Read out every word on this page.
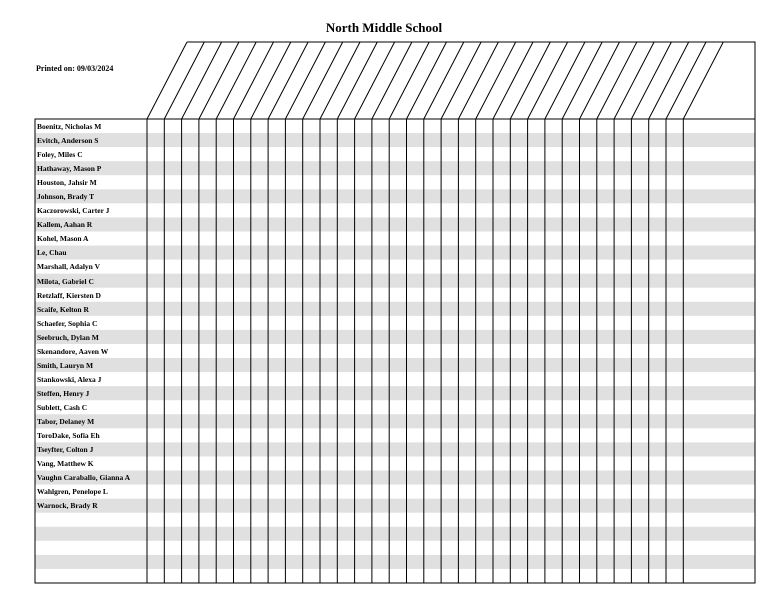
North Middle School
Printed on: 09/03/2024
Boenitz, Nicholas M
Evitch, Anderson S
Foley, Miles C
Hathaway, Mason P
Houston, Jahsir M
Johnson, Brady T
Kaczorowski, Carter J
Kallem, Aahan R
Kohel, Mason A
Le, Chau
Marshall, Adalyn V
Milota, Gabriel C
Retzlaff, Kiersten D
Scaife, Kelton R
Schaefer, Sophia C
Seebruch, Dylan M
Skenandore, Aaven W
Smith, Lauryn M
Stankowski, Alexa J
Steffen, Henry J
Sublett, Cash C
Tabor, Delaney M
ToroDake, Sofia Eh
Tseyfter, Colton J
Vang, Matthew K
Vaughn Caraballo, Gianna A
Wahlgren, Penelope L
Warnock, Brady R
